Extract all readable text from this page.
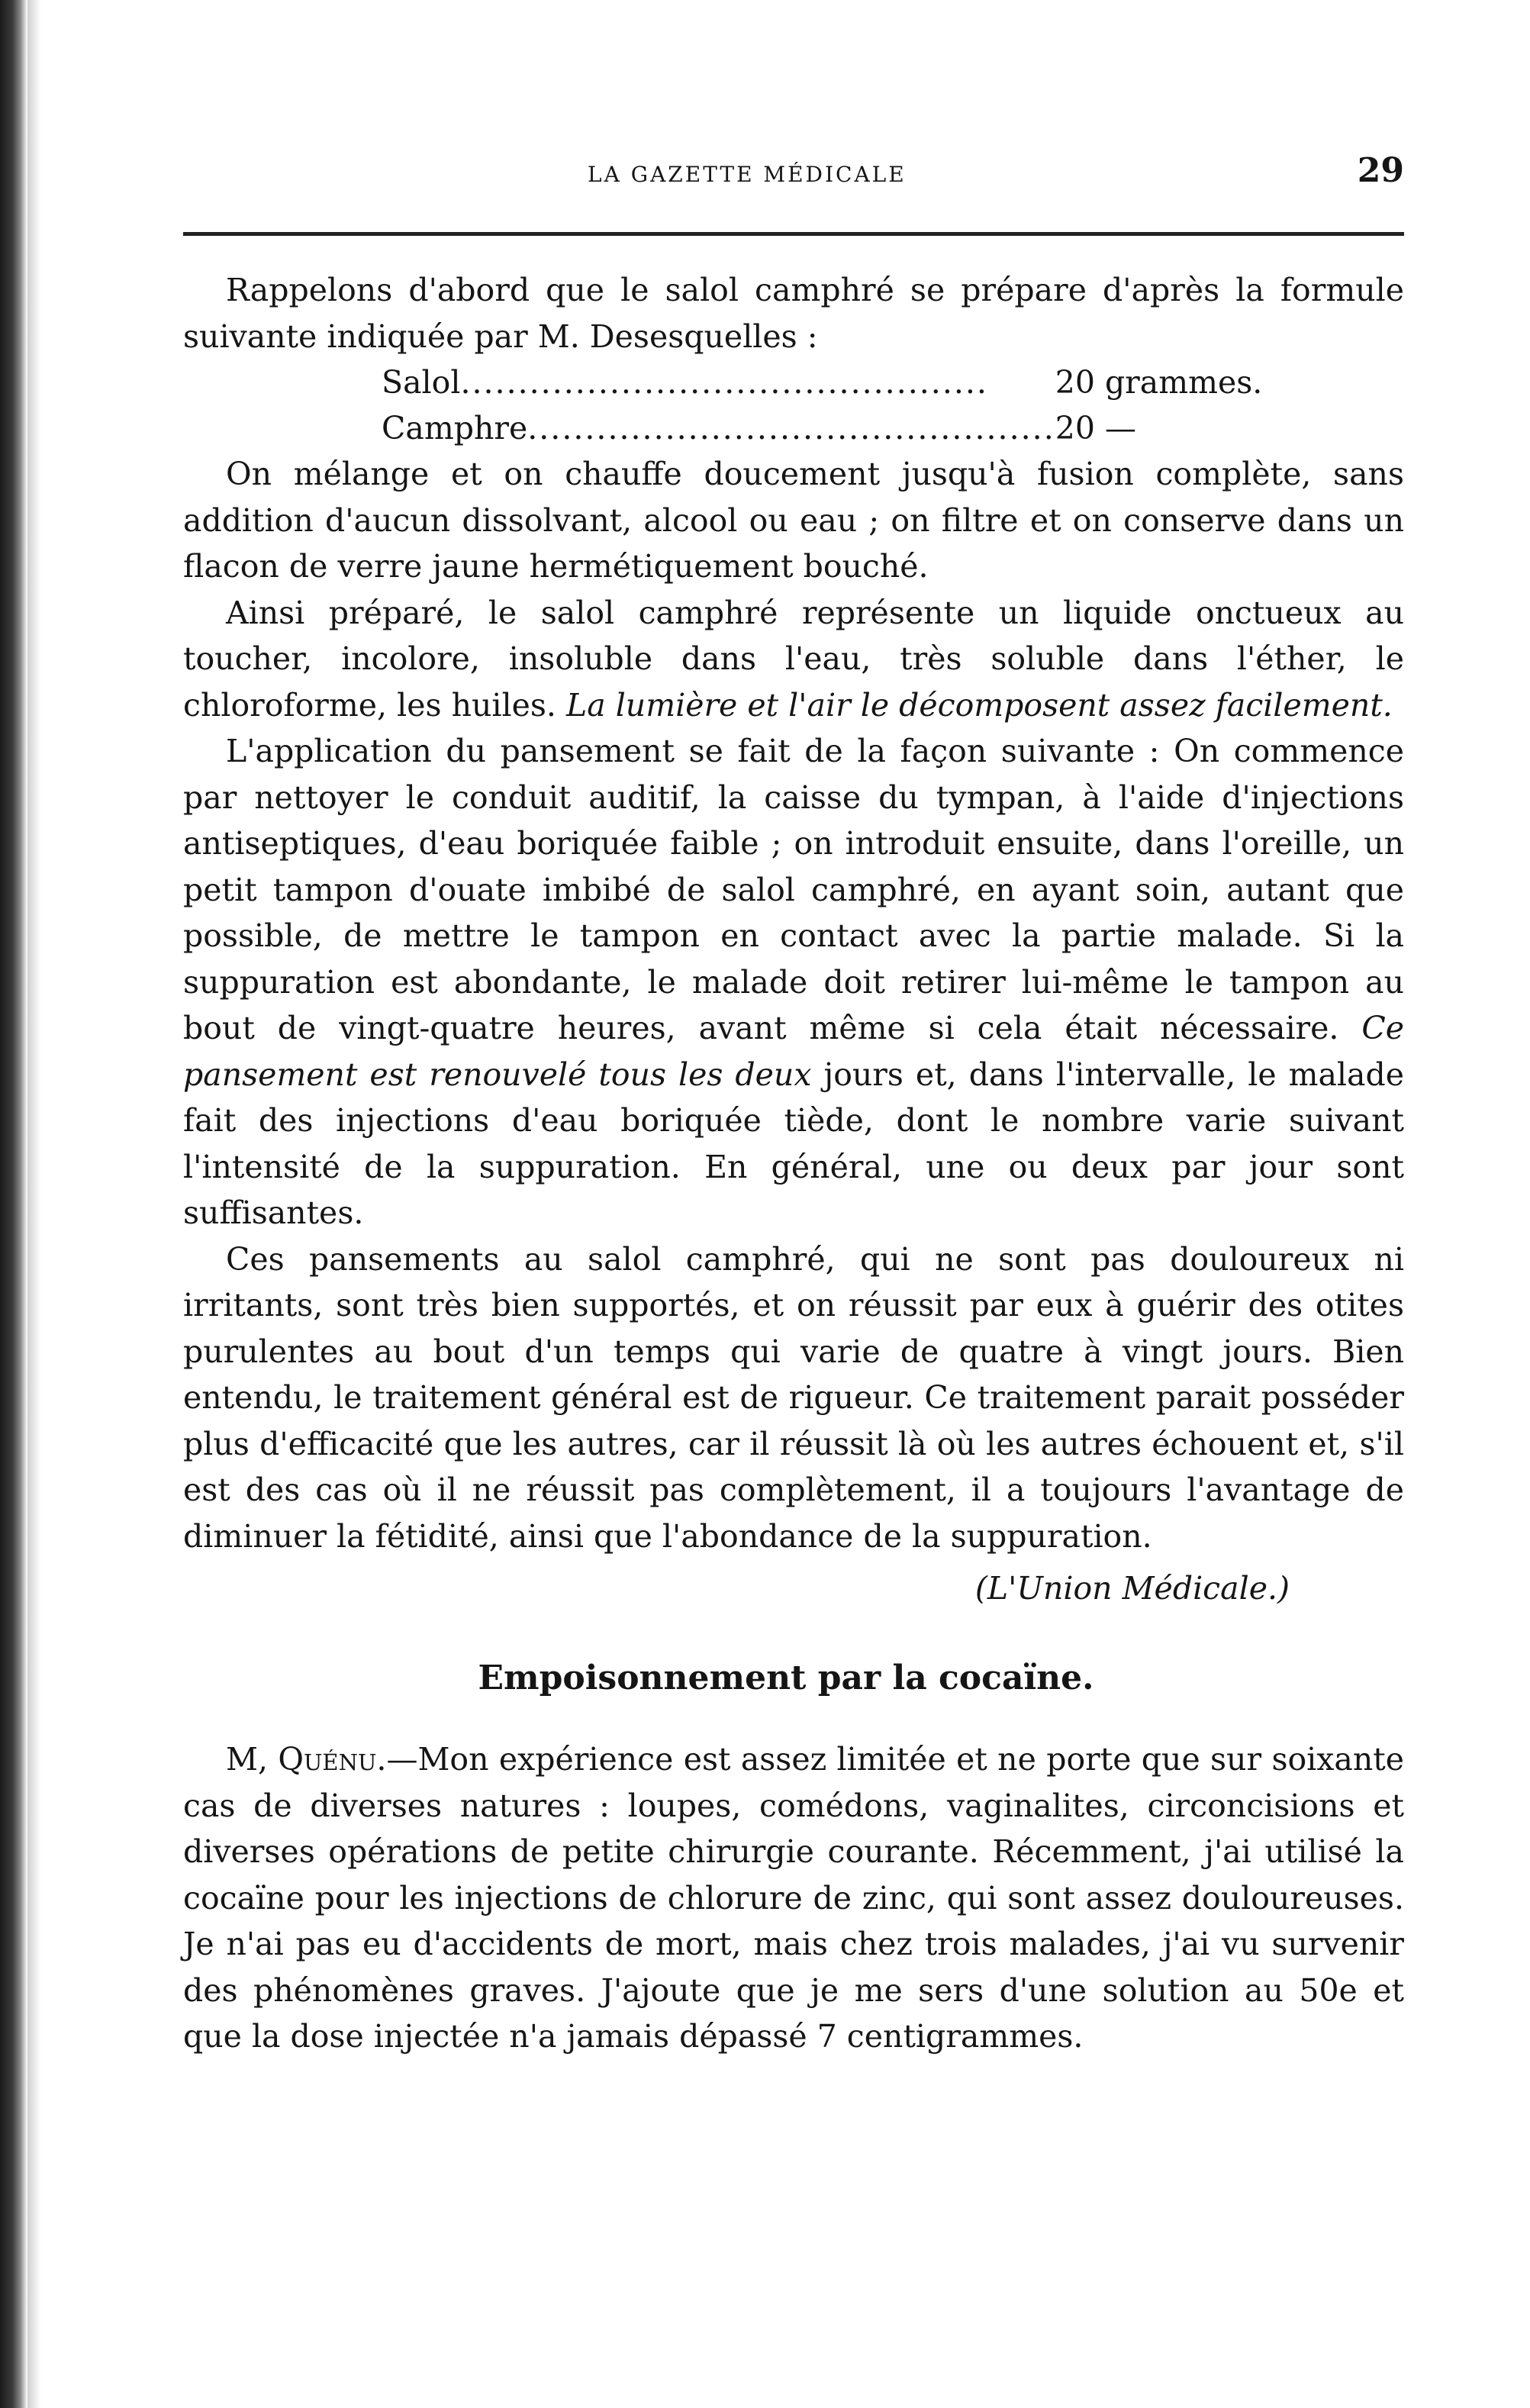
LA GAZETTE MÉDICALE	29

Rappelons d'abord que le salol camphré se prépare d'après la formule suivante indiquée par M. Desesquelles :

Salol..............................................	20 grammes.
Camphre..............................................	20 —

On mélange et on chauffe doucement jusqu'à fusion complète, sans addition d'aucun dissolvant, alcool ou eau ; on filtre et on conserve dans un flacon de verre jaune hermétiquement bouché.

Ainsi préparé, le salol camphré représente un liquide onctueux au toucher, incolore, insoluble dans l'eau, très soluble dans l'éther, le chloroforme, les huiles. La lumière et l'air le décomposent assez facilement.

L'application du pansement se fait de la façon suivante : On commence par nettoyer le conduit auditif, la caisse du tympan, à l'aide d'injections antiseptiques, d'eau boriquée faible ; on introduit ensuite, dans l'oreille, un petit tampon d'ouate imbibé de salol camphré, en ayant soin, autant que possible, de mettre le tampon en contact avec la partie malade. Si la suppuration est abondante, le malade doit retirer lui-même le tampon au bout de vingt-quatre heures, avant même si cela était nécessaire. Ce pansement est renouvelé tous les deux jours et, dans l'intervalle, le malade fait des injections d'eau boriquée tiède, dont le nombre varie suivant l'intensité de la suppuration. En général, une ou deux par jour sont suffisantes.

Ces pansements au salol camphré, qui ne sont pas douloureux ni irritants, sont très bien supportés, et on réussit par eux à guérir des otites purulentes au bout d'un temps qui varie de quatre à vingt jours. Bien entendu, le traitement général est de rigueur. Ce traitement parait posséder plus d'efficacité que les autres, car il réussit là où les autres échouent et, s'il est des cas où il ne réussit pas complètement, il a toujours l'avantage de diminuer la fétidité, ainsi que l'abondance de la suppuration.

(L'Union Médicale.)
Empoisonnement par la cocaïne.

M, Quénu.—Mon expérience est assez limitée et ne porte que sur soixante cas de diverses natures : loupes, comédons, vaginalites, circoncisions et diverses opérations de petite chirurgie courante. Récemment, j'ai utilisé la cocaïne pour les injections de chlorure de zinc, qui sont assez douloureuses. Je n'ai pas eu d'accidents de mort, mais chez trois malades, j'ai vu survenir des phénomènes graves. J'ajoute que je me sers d'une solution au 50e et que la dose injectée n'a jamais dépassé 7 centigrammes.
